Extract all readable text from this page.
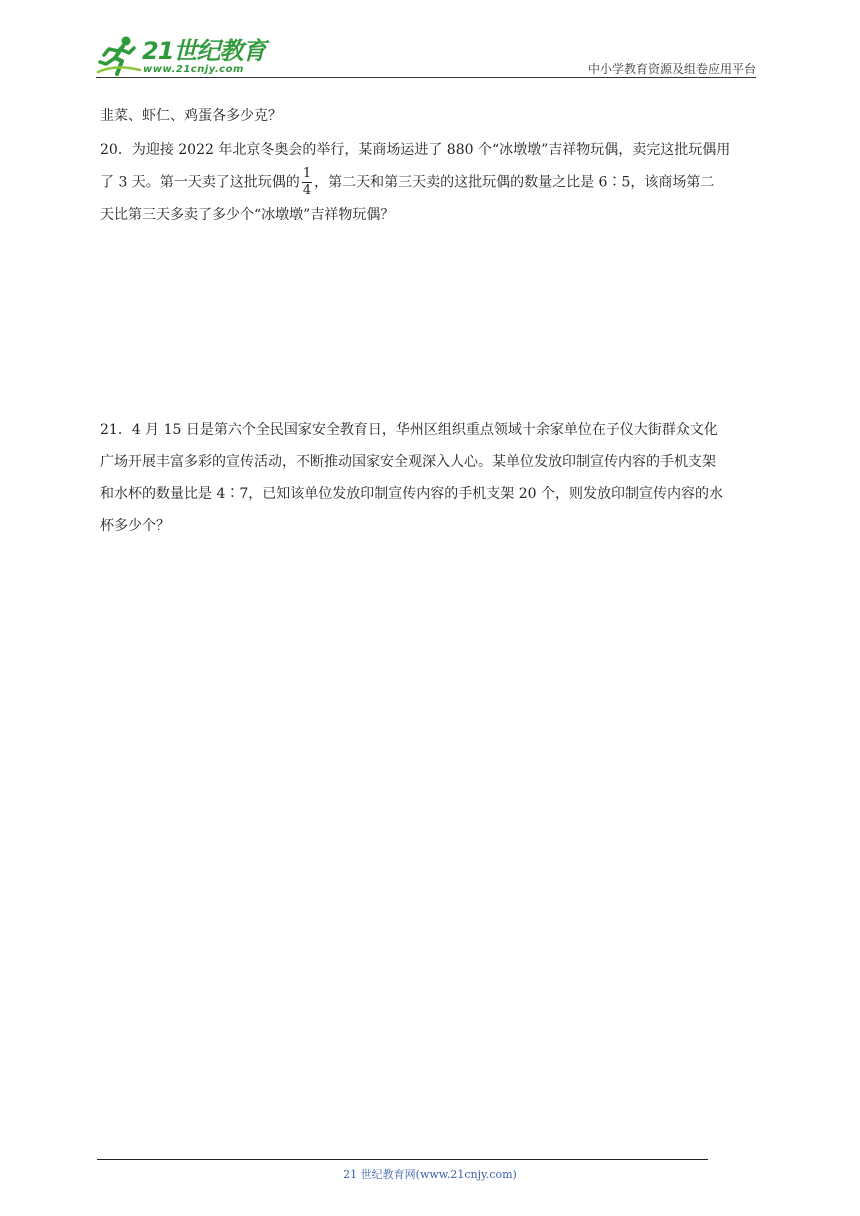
21世纪教育
www.21cnjy.com	中小学教育资源及组卷应用平台

韭菜、虾仁、鸡蛋各多少克？

20．为迎接 2022 年北京冬奥会的举行，某商场运进了 880 个“冰墩墩”吉祥物玩偶，卖完这批玩偶用

了 3 天。第一天卖了这批玩偶的 $\frac{1}{4}$ ，第二天和第三天卖的这批玩偶的数量之比是 6∶5，该商场第二

天比第三天多卖了多少个“冰墩墩”吉祥物玩偶？

21．4 月 15 日是第六个全民国家安全教育日，华州区组织重点领域十余家单位在子仪大街群众文化

广场开展丰富多彩的宣传活动，不断推动国家安全观深入人心。某单位发放印制宣传内容的手机支架

和水杯的数量比是 4∶7，已知该单位发放印制宣传内容的手机支架 20 个，则发放印制宣传内容的水

杯多少个？

21 世纪教育网(www.21cnjy.com)
